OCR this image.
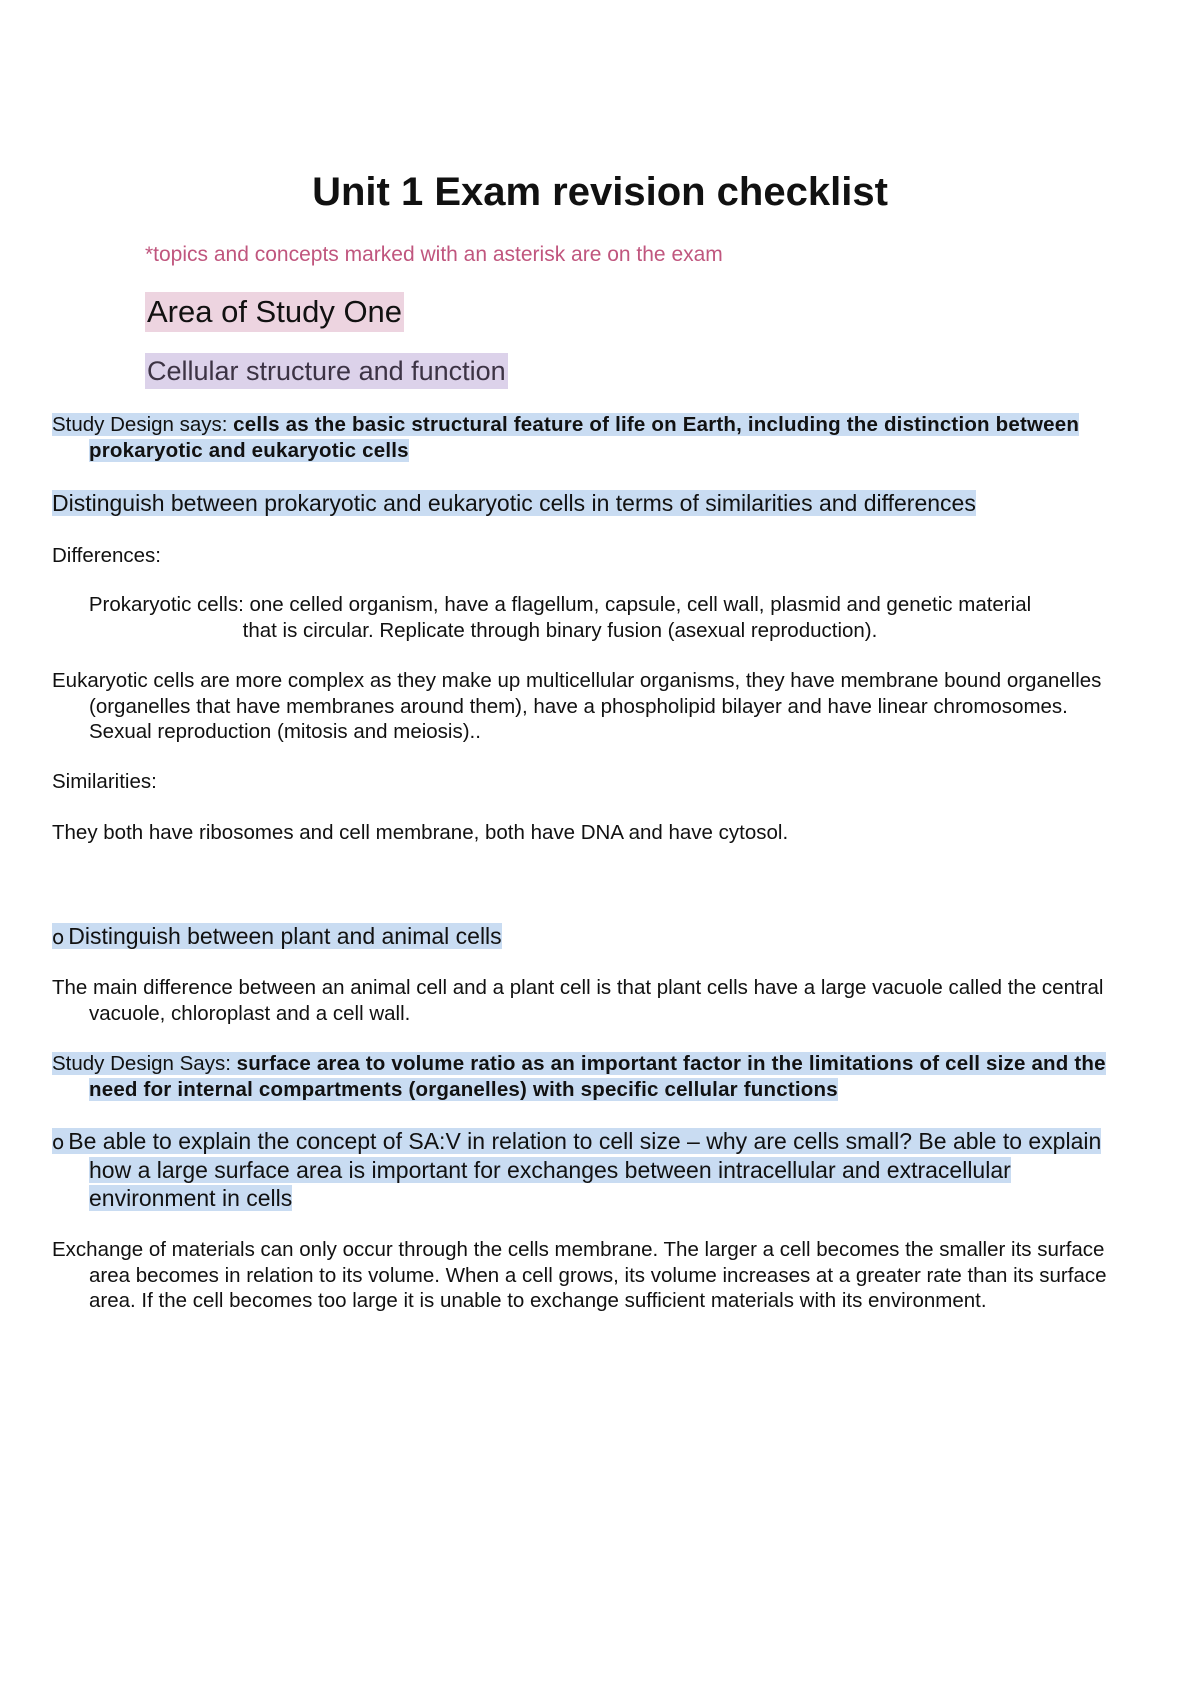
Unit 1 Exam revision checklist
*topics and concepts marked with an asterisk are on the exam
Area of Study One
Cellular structure and function
Study Design says: cells as the basic structural feature of life on Earth, including the distinction between prokaryotic and eukaryotic cells
Distinguish between prokaryotic and eukaryotic cells in terms of similarities and differences
Differences:
Prokaryotic cells: one celled organism, have a flagellum, capsule, cell wall, plasmid and genetic material that is circular. Replicate through binary fusion (asexual reproduction).
Eukaryotic cells are more complex as they make up multicellular organisms, they have membrane bound organelles (organelles that have membranes around them), have a phospholipid bilayer and have linear chromosomes. Sexual reproduction (mitosis and meiosis)..
Similarities:
They both have ribosomes and cell membrane, both have DNA and have cytosol.
o Distinguish between plant and animal cells
The main difference between an animal cell and a plant cell is that plant cells have a large vacuole called the central vacuole, chloroplast and a cell wall.
Study Design Says: surface area to volume ratio as an important factor in the limitations of cell size and the need for internal compartments (organelles) with specific cellular functions
o Be able to explain the concept of SA:V in relation to cell size – why are cells small? Be able to explain how a large surface area is important for exchanges between intracellular and extracellular environment in cells
Exchange of materials can only occur through the cells membrane. The larger a cell becomes the smaller its surface area becomes in relation to its volume. When a cell grows, its volume increases at a greater rate than its surface area. If the cell becomes too large it is unable to exchange sufficient materials with its environment.
